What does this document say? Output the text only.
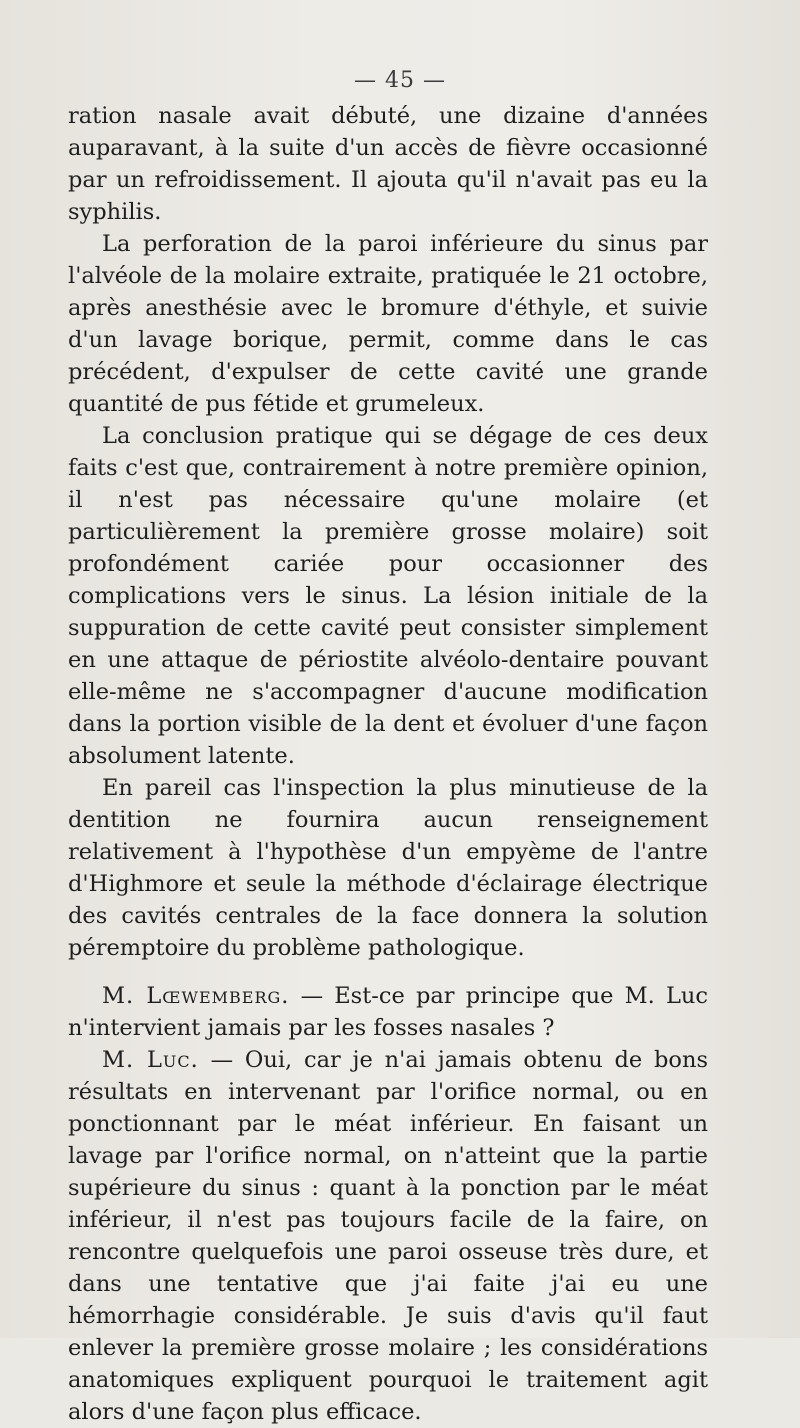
— 45 —

ration nasale avait débuté, une dizaine d'années auparavant, à la suite d'un accès de fièvre occasionné par un refroidissement. Il ajouta qu'il n'avait pas eu la syphilis.

La perforation de la paroi inférieure du sinus par l'alvéole de la molaire extraite, pratiquée le 21 octobre, après anesthésie avec le bromure d'éthyle, et suivie d'un lavage borique, permit, comme dans le cas précédent, d'expulser de cette cavité une grande quantité de pus fétide et grumeleux.

La conclusion pratique qui se dégage de ces deux faits c'est que, contrairement à notre première opinion, il n'est pas nécessaire qu'une molaire (et particulièrement la première grosse molaire) soit profondément cariée pour occasionner des complications vers le sinus. La lésion initiale de la suppuration de cette cavité peut consister simplement en une attaque de périostite alvéolo-dentaire pouvant elle-même ne s'accompagner d'aucune modification dans la portion visible de la dent et évoluer d'une façon absolument latente.

En pareil cas l'inspection la plus minutieuse de la dentition ne fournira aucun renseignement relativement à l'hypothèse d'un empyème de l'antre d'Highmore et seule la méthode d'éclairage électrique des cavités centrales de la face donnera la solution péremptoire du problème pathologique.

M. Lœwemberg. — Est-ce par principe que M. Luc n'intervient jamais par les fosses nasales ?

M. Luc. — Oui, car je n'ai jamais obtenu de bons résultats en intervenant par l'orifice normal, ou en ponctionnant par le méat inférieur. En faisant un lavage par l'orifice normal, on n'atteint que la partie supérieure du sinus : quant à la ponction par le méat inférieur, il n'est pas toujours facile de la faire, on rencontre quelquefois une paroi osseuse très dure, et dans une tentative que j'ai faite j'ai eu une hémorrhagie considérable. Je suis d'avis qu'il faut enlever la première grosse molaire ; les considérations anatomiques expliquent pourquoi le traitement agit alors d'une façon plus efficace.
